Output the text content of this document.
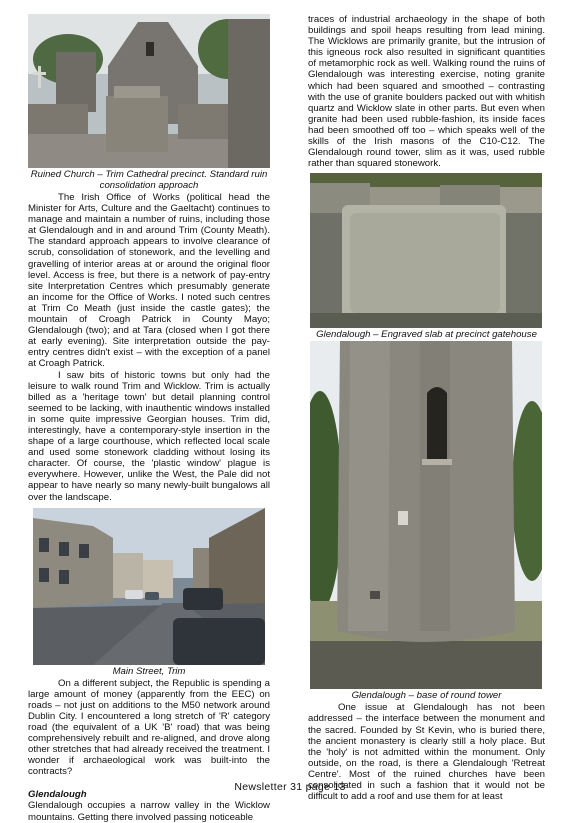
Ruined Church – Trim Cathedral precinct. Standard ruin consolidation approach

The Irish Office of Works (political head the Minister for Arts, Culture and the Gaeltacht) continues to manage and maintain a number of ruins, including those at Glendalough and in and around Trim (County Meath). The standard approach appears to involve clearance of scrub, consolidation of stonework, and the levelling and gravelling of interior areas at or around the original floor level. Access is free, but there is a network of pay-entry site Interpretation Centres which presumably generate an income for the Office of Works. I noted such centres at Trim Co Meath (just inside the castle gates); the mountain of Croagh Patrick in County Mayo; Glendalough (two); and at Tara (closed when I got there at early evening). Site interpretation outside the pay-entry centres didn't exist – with the exception of a panel at Croagh Patrick.

I saw bits of historic towns but only had the leisure to walk round Trim and Wicklow. Trim is actually billed as a 'heritage town' but detail planning control seemed to be lacking, with inauthentic windows installed in some quite impressive Georgian houses. Trim did, interestingly, have a contemporary-style insertion in the shape of a large courthouse, which reflected local scale and used some stonework cladding without losing its character. Of course, the 'plastic window' plague is everywhere. However, unlike the West, the Pale did not appear to have nearly so many newly-built bungalows all over the landscape.

Main Street, Trim

On a different subject, the Republic is spending a large amount of money (apparently from the EEC) on roads – not just on additions to the M50 network around Dublin City. I encountered a long stretch of 'R' category road (the equivalent of a UK 'B' road) that was being comprehensively rebuilt and re-aligned, and drove along other stretches that had already received the treatment. I wonder if archaeological work was built-into the contracts?

Glendalough

Glendalough occupies a narrow valley in the Wicklow mountains. Getting there involved passing noticeable

traces of industrial archaeology in the shape of both buildings and spoil heaps resulting from lead mining. The Wicklows are primarily granite, but the intrusion of this igneous rock also resulted in significant quantities of metamorphic rock as well. Walking round the ruins of Glendalough was interesting exercise, noting granite which had been squared and smoothed – contrasting with the use of granite boulders packed out with whitish quartz and Wicklow slate in other parts. But even when granite had been used rubble-fashion, its inside faces had been smoothed off too – which speaks well of the skills of the Irish masons of the C10-C12. The Glendalough round tower, slim as it was, used rubble rather than squared stonework.

Glendalough – Engraved slab at precinct gatehouse
Glendalough – base of round tower

One issue at Glendalough has not been addressed – the interface between the monument and the sacred. Founded by St Kevin, who is buried there, the ancient monastery is clearly still a holy place. But the 'holy' is not admitted within the monument. Only outside, on the road, is there a Glendalough 'Retreat Centre'. Most of the ruined churches have been consolidated in such a fashion that it would not be difficult to add a roof and use them for at least

Newsletter 31 page 13
